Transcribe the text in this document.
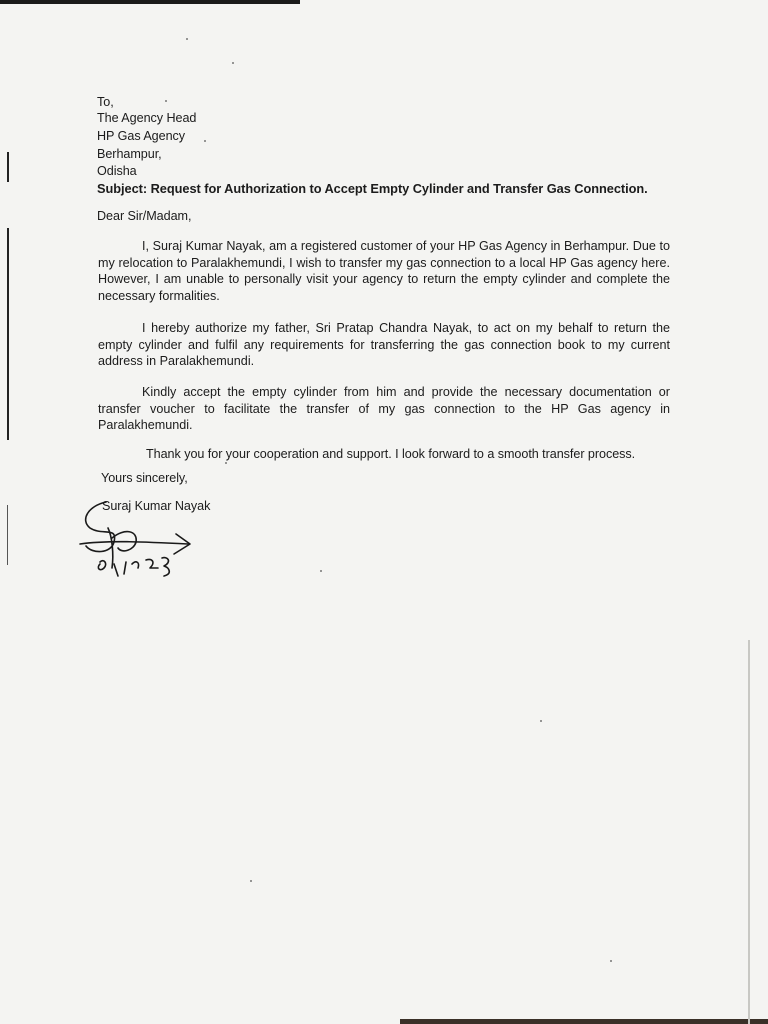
To,
The Agency Head
HP Gas Agency
Berhampur,
Odisha
Subject: Request for Authorization to Accept Empty Cylinder and Transfer Gas Connection.
Dear Sir/Madam,
I, Suraj Kumar Nayak, am a registered customer of your HP Gas Agency in Berhampur. Due to my relocation to Paralakhemundi, I wish to transfer my gas connection to a local HP Gas agency here. However, I am unable to personally visit your agency to return the empty cylinder and complete the necessary formalities.
I hereby authorize my father, Sri Pratap Chandra Nayak, to act on my behalf to return the empty cylinder and fulfil any requirements for transferring the gas connection book to my current address in Paralakhemundi.
Kindly accept the empty cylinder from him and provide the necessary documentation or transfer voucher to facilitate the transfer of my gas connection to the HP Gas agency in Paralakhemundi.
Thank you for your cooperation and support. I look forward to a smooth transfer process.
Yours sincerely,
Suraj Kumar Nayak
